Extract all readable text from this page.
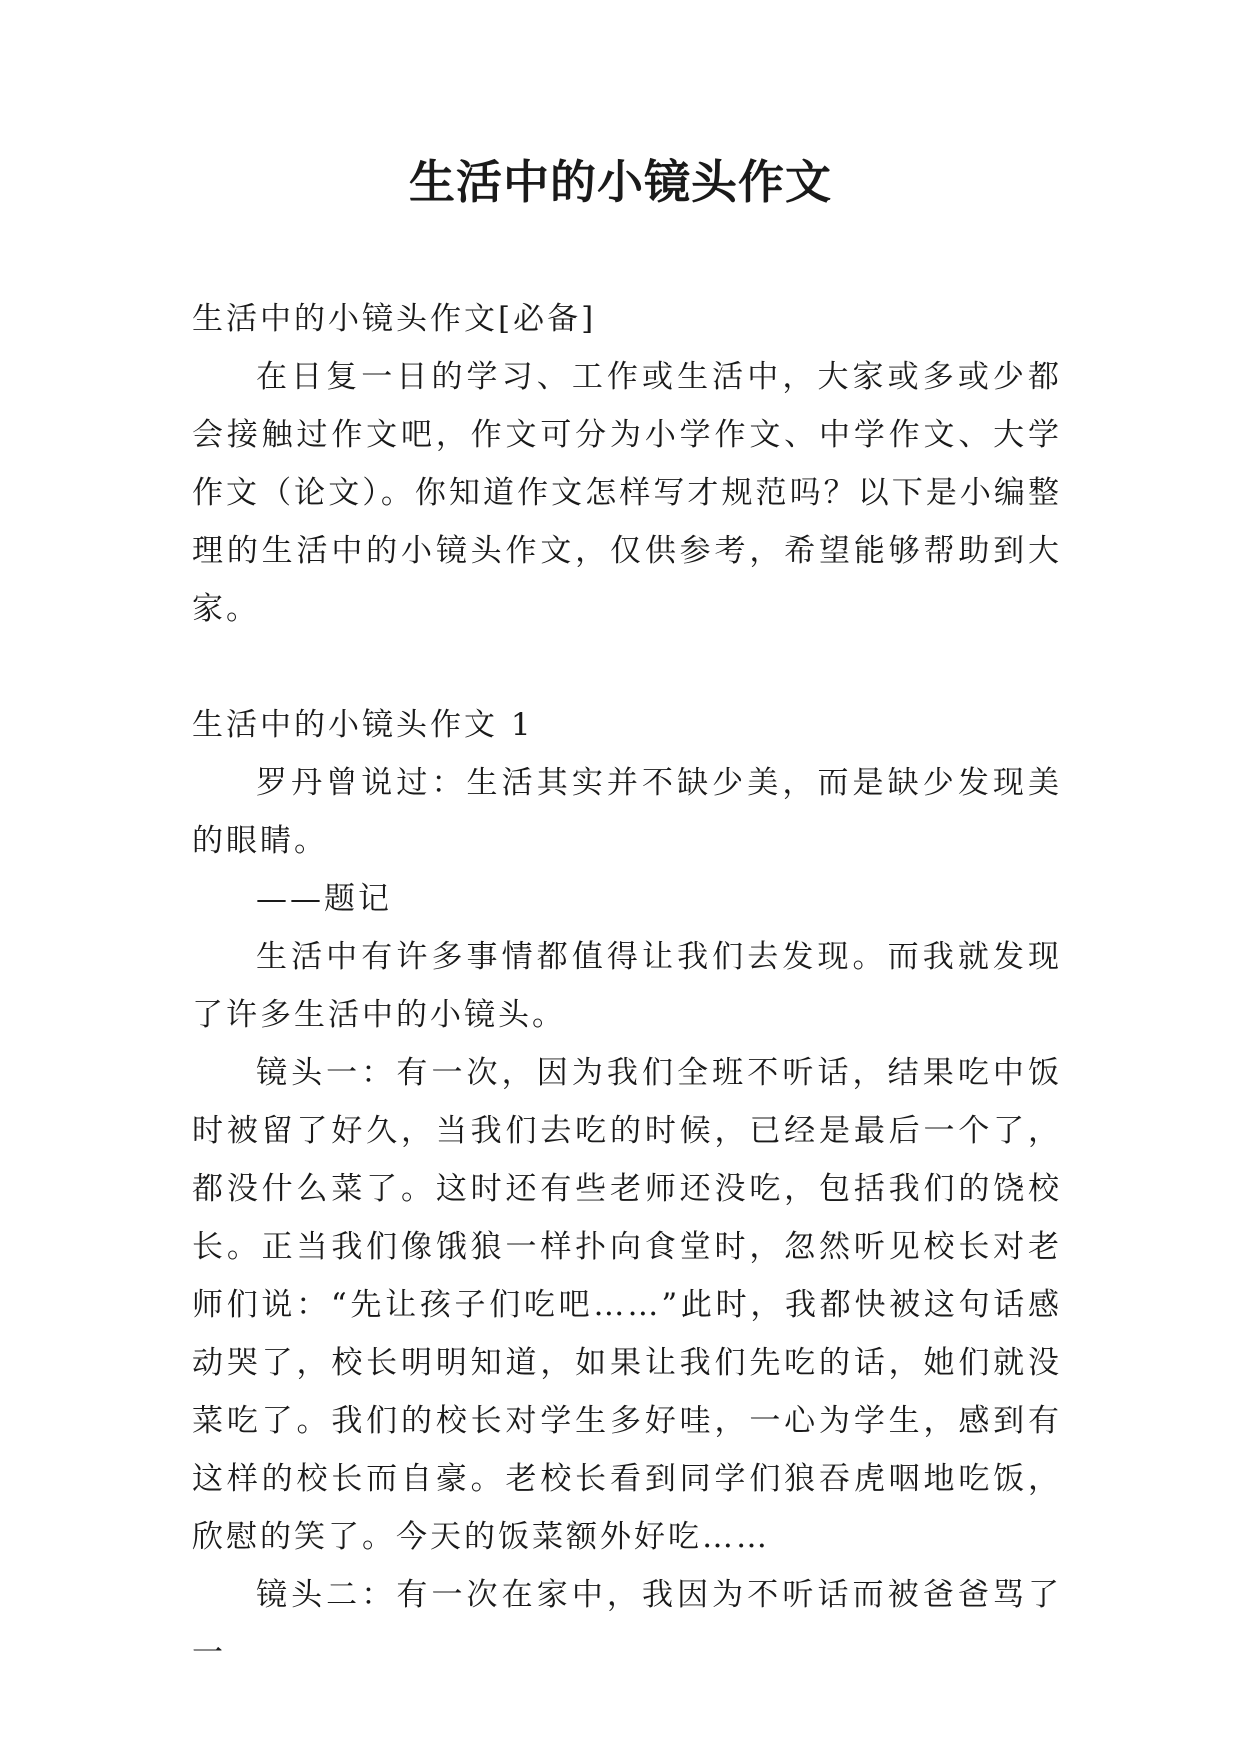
生活中的小镜头作文

生活中的小镜头作文[必备]

在日复一日的学习、工作或生活中，大家或多或少都会接触过作文吧，作文可分为小学作文、中学作文、大学作文（论文）。你知道作文怎样写才规范吗？以下是小编整理的生活中的小镜头作文，仅供参考，希望能够帮助到大家。

生活中的小镜头作文 1

罗丹曾说过：生活其实并不缺少美，而是缺少发现美的眼睛。

——题记

生活中有许多事情都值得让我们去发现。而我就发现了许多生活中的小镜头。

镜头一：有一次，因为我们全班不听话，结果吃中饭时被留了好久，当我们去吃的时候，已经是最后一个了，都没什么菜了。这时还有些老师还没吃，包括我们的饶校长。正当我们像饿狼一样扑向食堂时，忽然听见校长对老师们说：“先让孩子们吃吧……”此时，我都快被这句话感动哭了，校长明明知道，如果让我们先吃的话，她们就没菜吃了。我们的校长对学生多好哇，一心为学生，感到有这样的校长而自豪。老校长看到同学们狼吞虎咽地吃饭，欣慰的笑了。今天的饭菜额外好吃……

镜头二：有一次在家中，我因为不听话而被爸爸骂了一
